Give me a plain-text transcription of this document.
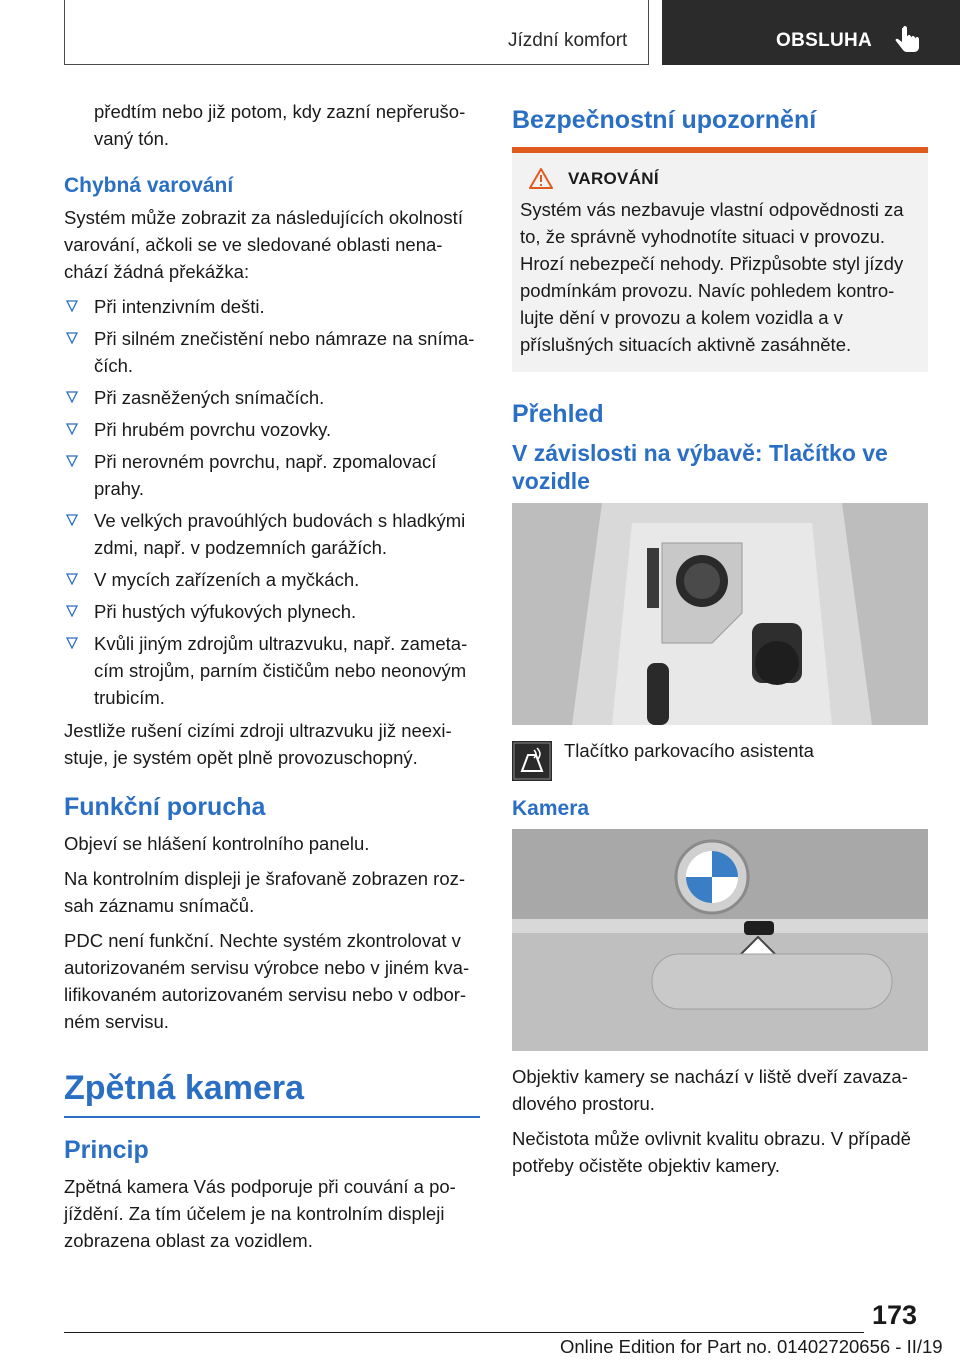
Jízdní komfort	OBSLUHA

předtím nebo již potom, kdy zazní nepřerušovaný tón.

Chybná varování

Systém může zobrazit za následujících okolností varování, ačkoli se ve sledované oblasti nenachází žádná překážka:

Při intenzivním dešti.
Při silném znečistění nebo námraze na snímačích.
Při zasněžených snímačích.
Při hrubém povrchu vozovky.
Při nerovném povrchu, např. zpomalovací prahy.
Ve velkých pravoúhlých budovách s hladkými zdmi, např. v podzemních garážích.
V mycích zařízeních a myčkách.
Při hustých výfukových plynech.
Kvůli jiným zdrojům ultrazvuku, např. zametacím strojům, parním čističům nebo neonovým trubicím.

Jestliže rušení cizími zdroji ultrazvuku již neexistuje, je systém opět plně provozuschopný.

Funkční porucha

Objeví se hlášení kontrolního panelu.

Na kontrolním displeji je šrafovaně zobrazen rozsah záznamu snímačů.

PDC není funkční. Nechte systém zkontrolovat v autorizovaném servisu výrobce nebo v jiném kvalifikovaném autorizovaném servisu nebo v odborném servisu.

Zpětná kamera
Princip

Zpětná kamera Vás podporuje při couvání a pojíždění. Za tím účelem je na kontrolním displeji zobrazena oblast za vozidlem.

Bezpečnostní upozornění
VAROVÁNÍ

Systém vás nezbavuje vlastní odpovědnosti za to, že správně vyhodnotíte situaci v provozu. Hrozí nebezpečí nehody. Přizpůsobte styl jízdy podmínkám provozu. Navíc pohledem kontrolujte dění v provozu a kolem vozidla a v příslušných situacích aktivně zasáhněte.

Přehled
V závislosti na výbavě: Tlačítko ve vozidle
Tlačítko parkovacího asistenta
Kamera

Objektiv kamery se nachází v liště dveří zavazadlového prostoru.

Nečistota může ovlivnit kvalitu obrazu. V případě potřeby očistěte objektiv kamery.

173
Online Edition for Part no. 01402720656 - II/19
